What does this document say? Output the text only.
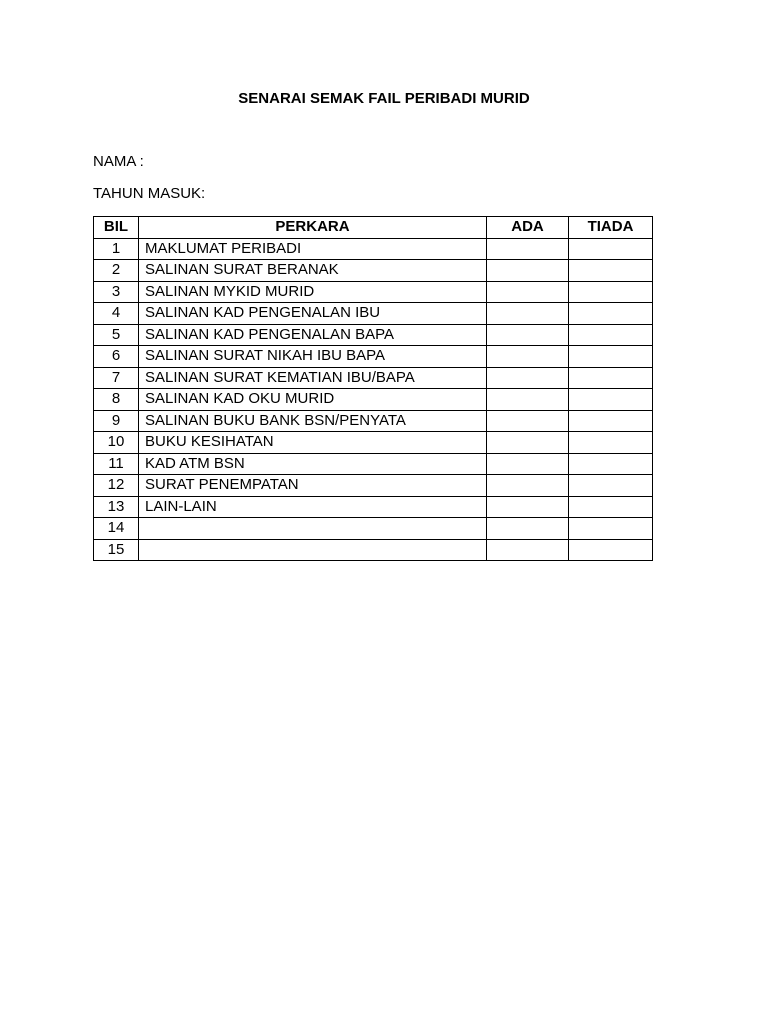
SENARAI SEMAK FAIL PERIBADI MURID

NAMA :

TAHUN MASUK:

BIL	PERKARA	ADA	TIADA
1	MAKLUMAT PERIBADI		
2	SALINAN SURAT BERANAK		
3	SALINAN MYKID MURID		
4	SALINAN KAD PENGENALAN IBU		
5	SALINAN KAD PENGENALAN BAPA		
6	SALINAN SURAT NIKAH IBU BAPA		
7	SALINAN SURAT KEMATIAN IBU/BAPA		
8	SALINAN KAD OKU MURID		
9	SALINAN BUKU BANK BSN/PENYATA		
10	BUKU KESIHATAN		
11	KAD ATM BSN		
12	SURAT PENEMPATAN		
13	LAIN-LAIN		
14			
15			
